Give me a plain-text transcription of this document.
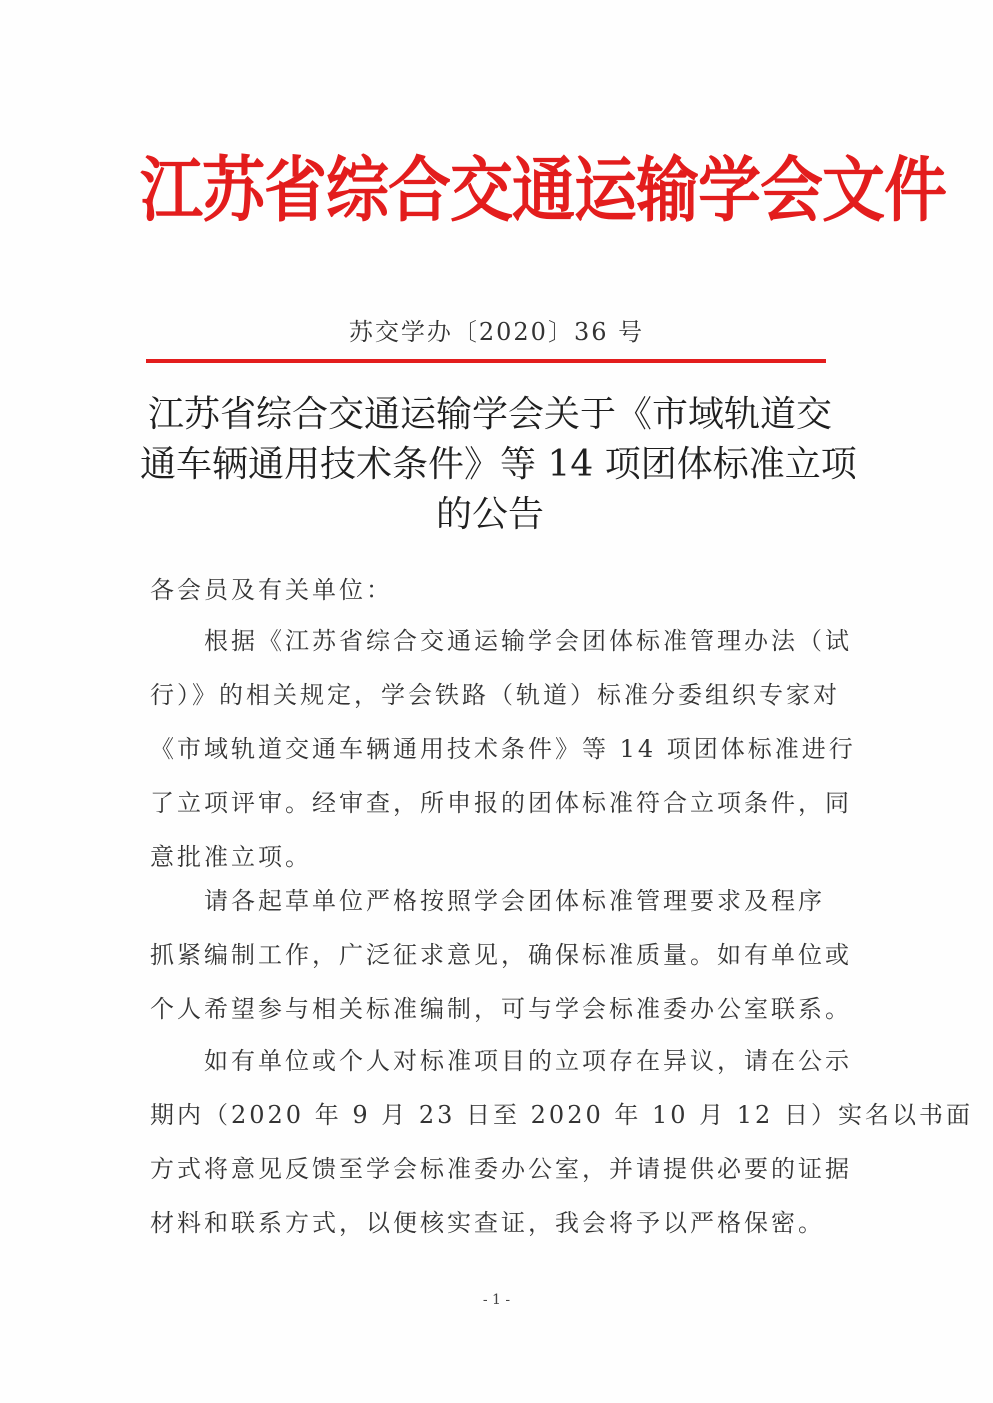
江苏省综合交通运输学会文件
苏交学办〔2020〕36 号
江苏省综合交通运输学会关于《市域轨道交
通车辆通用技术条件》等 14 项团体标准立项
的公告
各会员及有关单位：
根据《江苏省综合交通运输学会团体标准管理办法（试
行）》的相关规定，学会铁路（轨道）标准分委组织专家对
《市域轨道交通车辆通用技术条件》等 14 项团体标准进行
了立项评审。经审查，所申报的团体标准符合立项条件，同
意批准立项。
请各起草单位严格按照学会团体标准管理要求及程序
抓紧编制工作，广泛征求意见，确保标准质量。如有单位或
个人希望参与相关标准编制，可与学会标准委办公室联系。
如有单位或个人对标准项目的立项存在异议，请在公示
期内（2020 年 9 月 23 日至 2020 年 10 月 12 日）实名以书面
方式将意见反馈至学会标准委办公室，并请提供必要的证据
材料和联系方式，以便核实查证，我会将予以严格保密。
- 1 -
